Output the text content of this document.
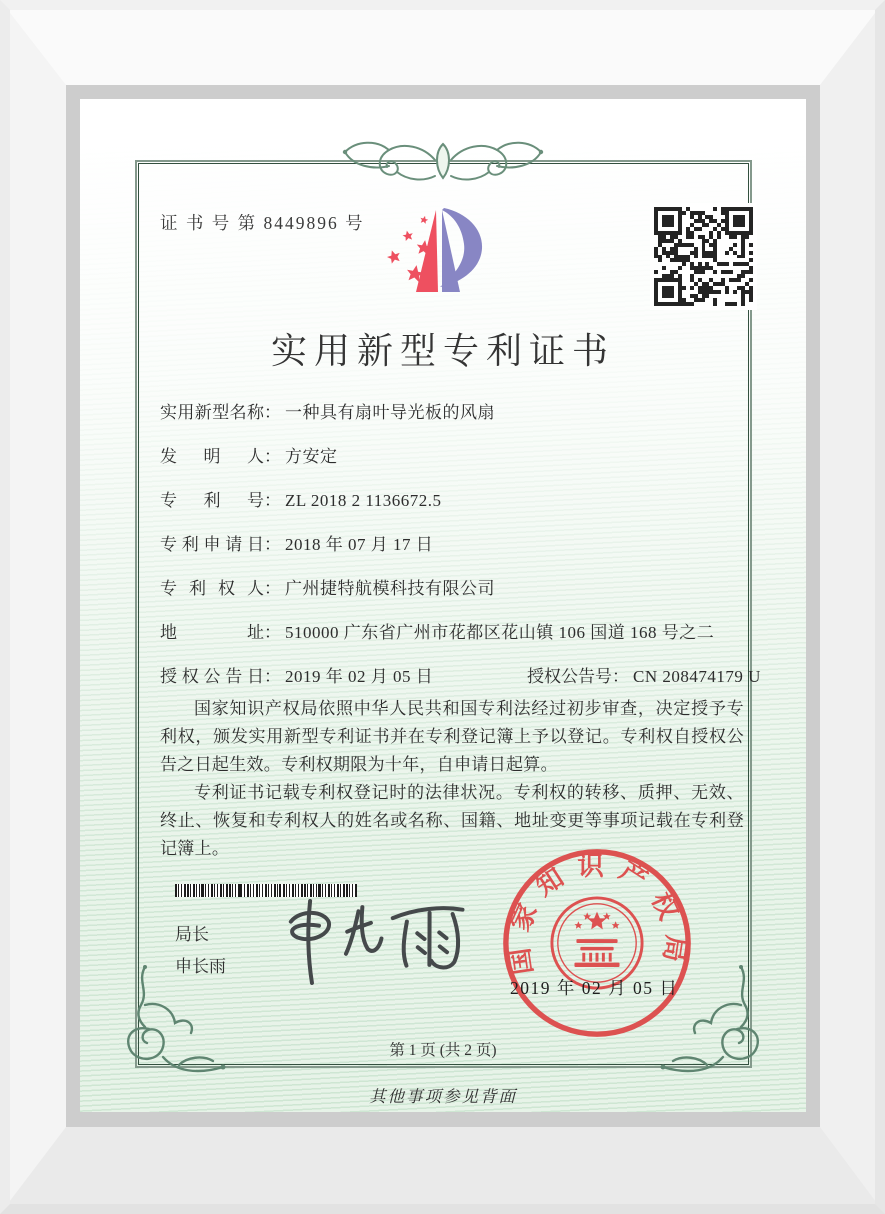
证 书 号 第 8449896 号
实用新型专利证书
实用新型名称： 一种具有扇叶导光板的风扇
发明人： 方安定
专利号： ZL 2018 2 1136672.5
专利申请日： 2018 年 07 月 17 日
专利权人： 广州捷特航模科技有限公司
地址： 510000 广东省广州市花都区花山镇 106 国道 168 号之二
授权公告日： 2019 年 02 月 05 日	授权公告号： CN 208474179 U

国家知识产权局依照中华人民共和国专利法经过初步审查，决定授予专利权，颁发实用新型专利证书并在专利登记簿上予以登记。专利权自授权公告之日起生效。专利权期限为十年，自申请日起算。

专利证书记载专利权登记时的法律状况。专利权的转移、质押、无效、终止、恢复和专利权人的姓名或名称、国籍、地址变更等事项记载在专利登记簿上。

局长
申长雨	国家知识产权局
2019 年 02 月 05 日
第 1 页 (共 2 页)
其他事项参见背面
